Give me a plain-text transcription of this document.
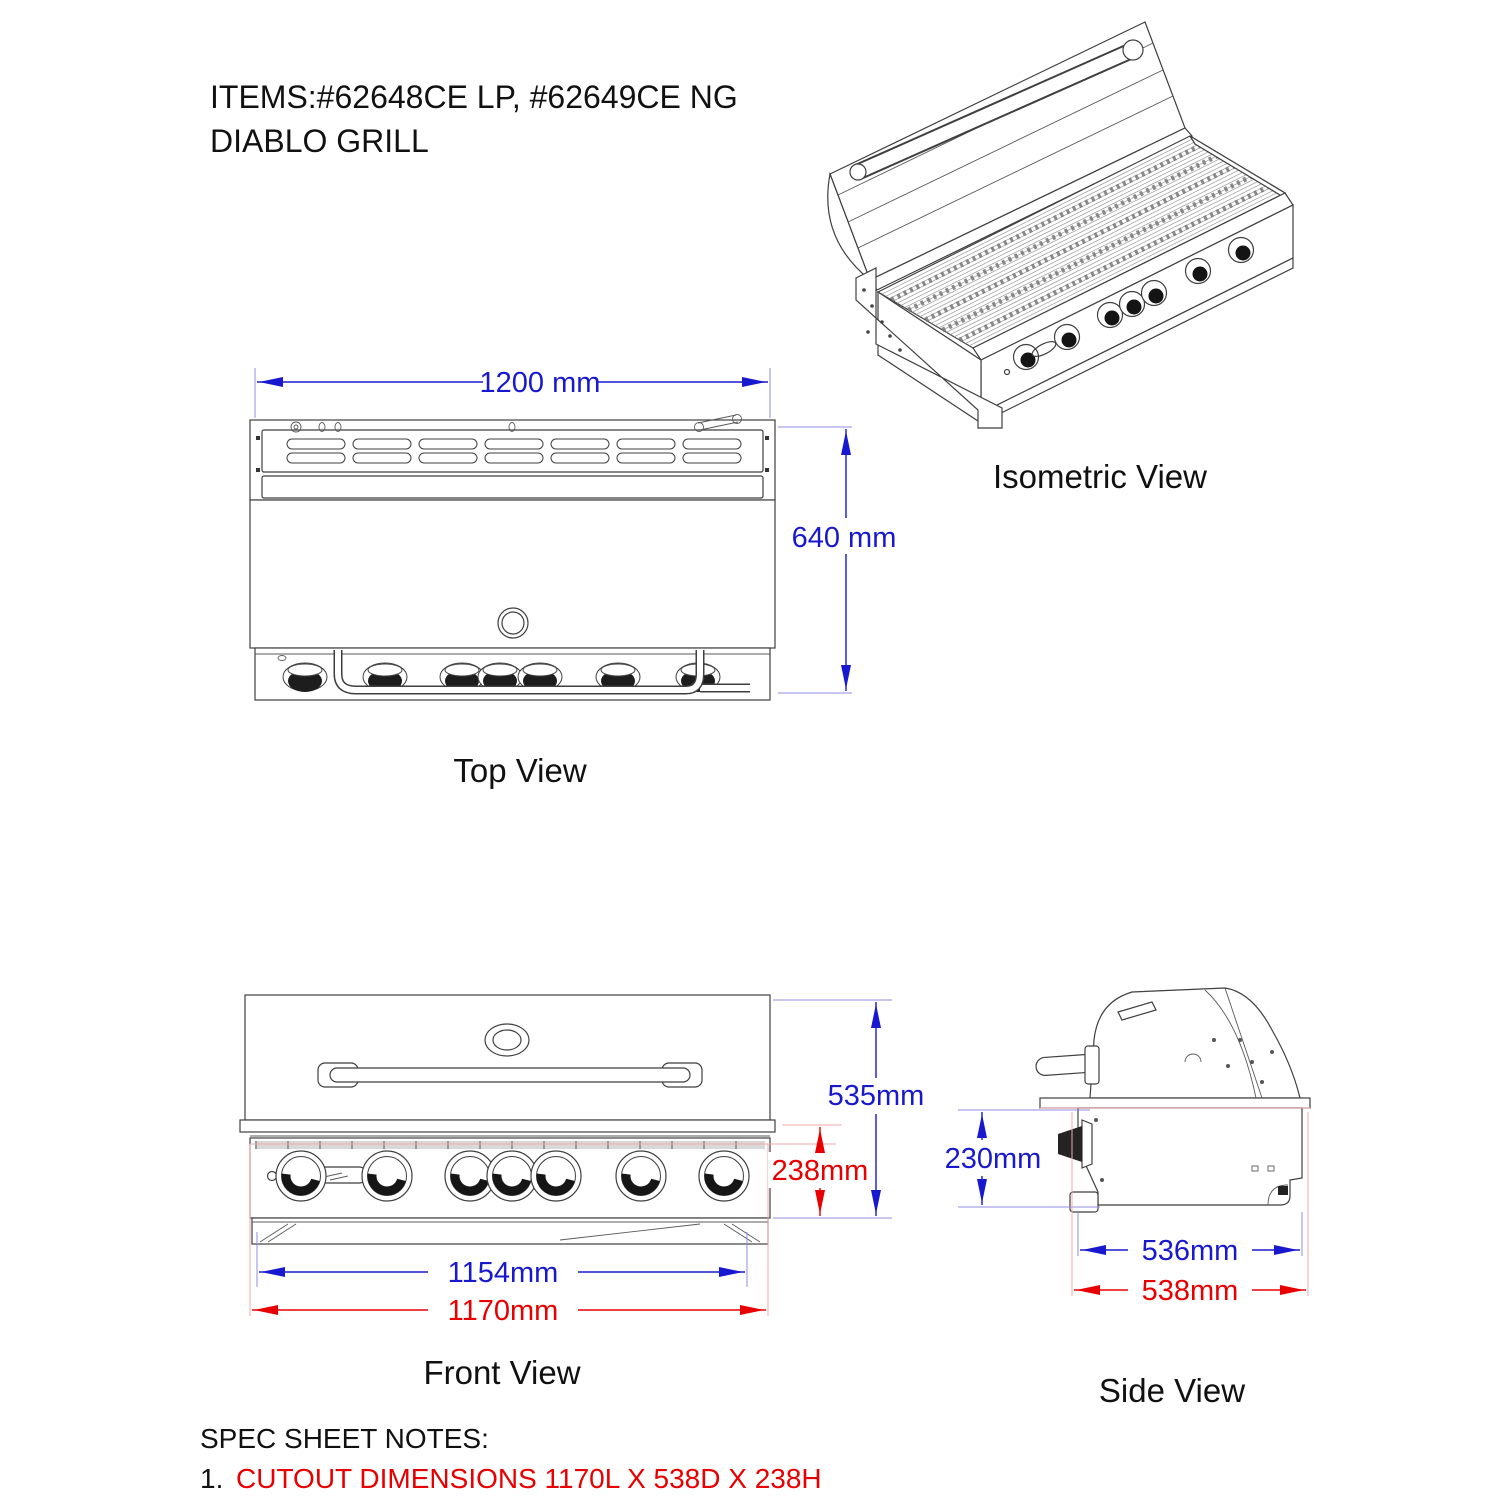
ITEMS:#62648CE LP, #62649CE NG
DIABLO GRILL
Isometric View
Top View
Front View	Side View
1200 mm
640 mm
535mm
238mm
1154mm
1170mm
230mm
536mm
538mm
SPEC SHEET NOTES:
1. CUTOUT DIMENSIONS 1170L X 538D X 238H
